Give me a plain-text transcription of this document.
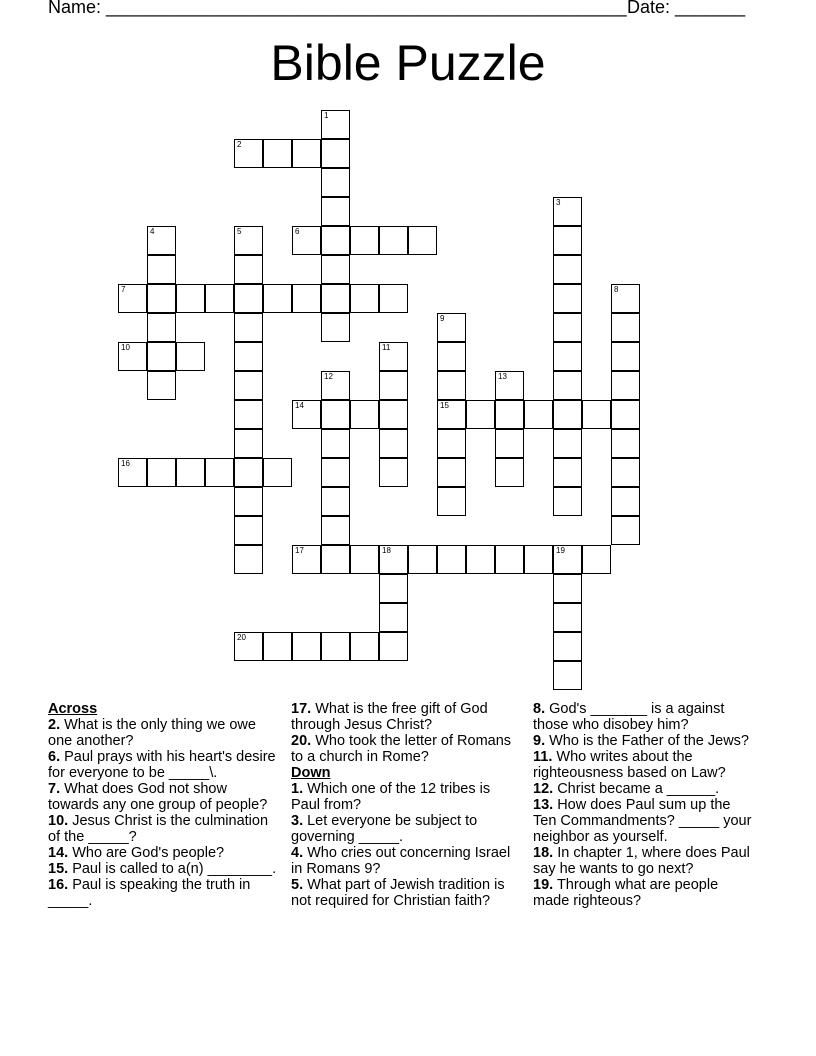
Name: ____________________________________________________ Date: _______
Bible Puzzle
2
6
7
10
14	15
16
17	18	19
20
1
3
4	5
8
9
11
12	13
Across
2. What is the only thing we owe one another?
6. Paul prays with his heart's desire for everyone to be _____\.
7. What does God not show towards any one group of people?
10. Jesus Christ is the culmination of the _____?
14. Who are God's people?
15. Paul is called to a(n) ________.
16. Paul is speaking the truth in _____.
17. What is the free gift of God through Jesus Christ?
20. Who took the letter of Romans to a church in Rome?
Down
1. Which one of the 12 tribes is Paul from?
3. Let everyone be subject to governing _____.
4. Who cries out concerning Israel in Romans 9?
5. What part of Jewish tradition is not required for Christian faith?
8. God's _______ is a against those who disobey him?
9. Who is the Father of the Jews?
11. Who writes about the righteousness based on Law?
12. Christ became a ______.
13. How does Paul sum up the Ten Commandments? _____ your neighbor as yourself.
18. In chapter 1, where does Paul say he wants to go next?
19. Through what are people made righteous?
